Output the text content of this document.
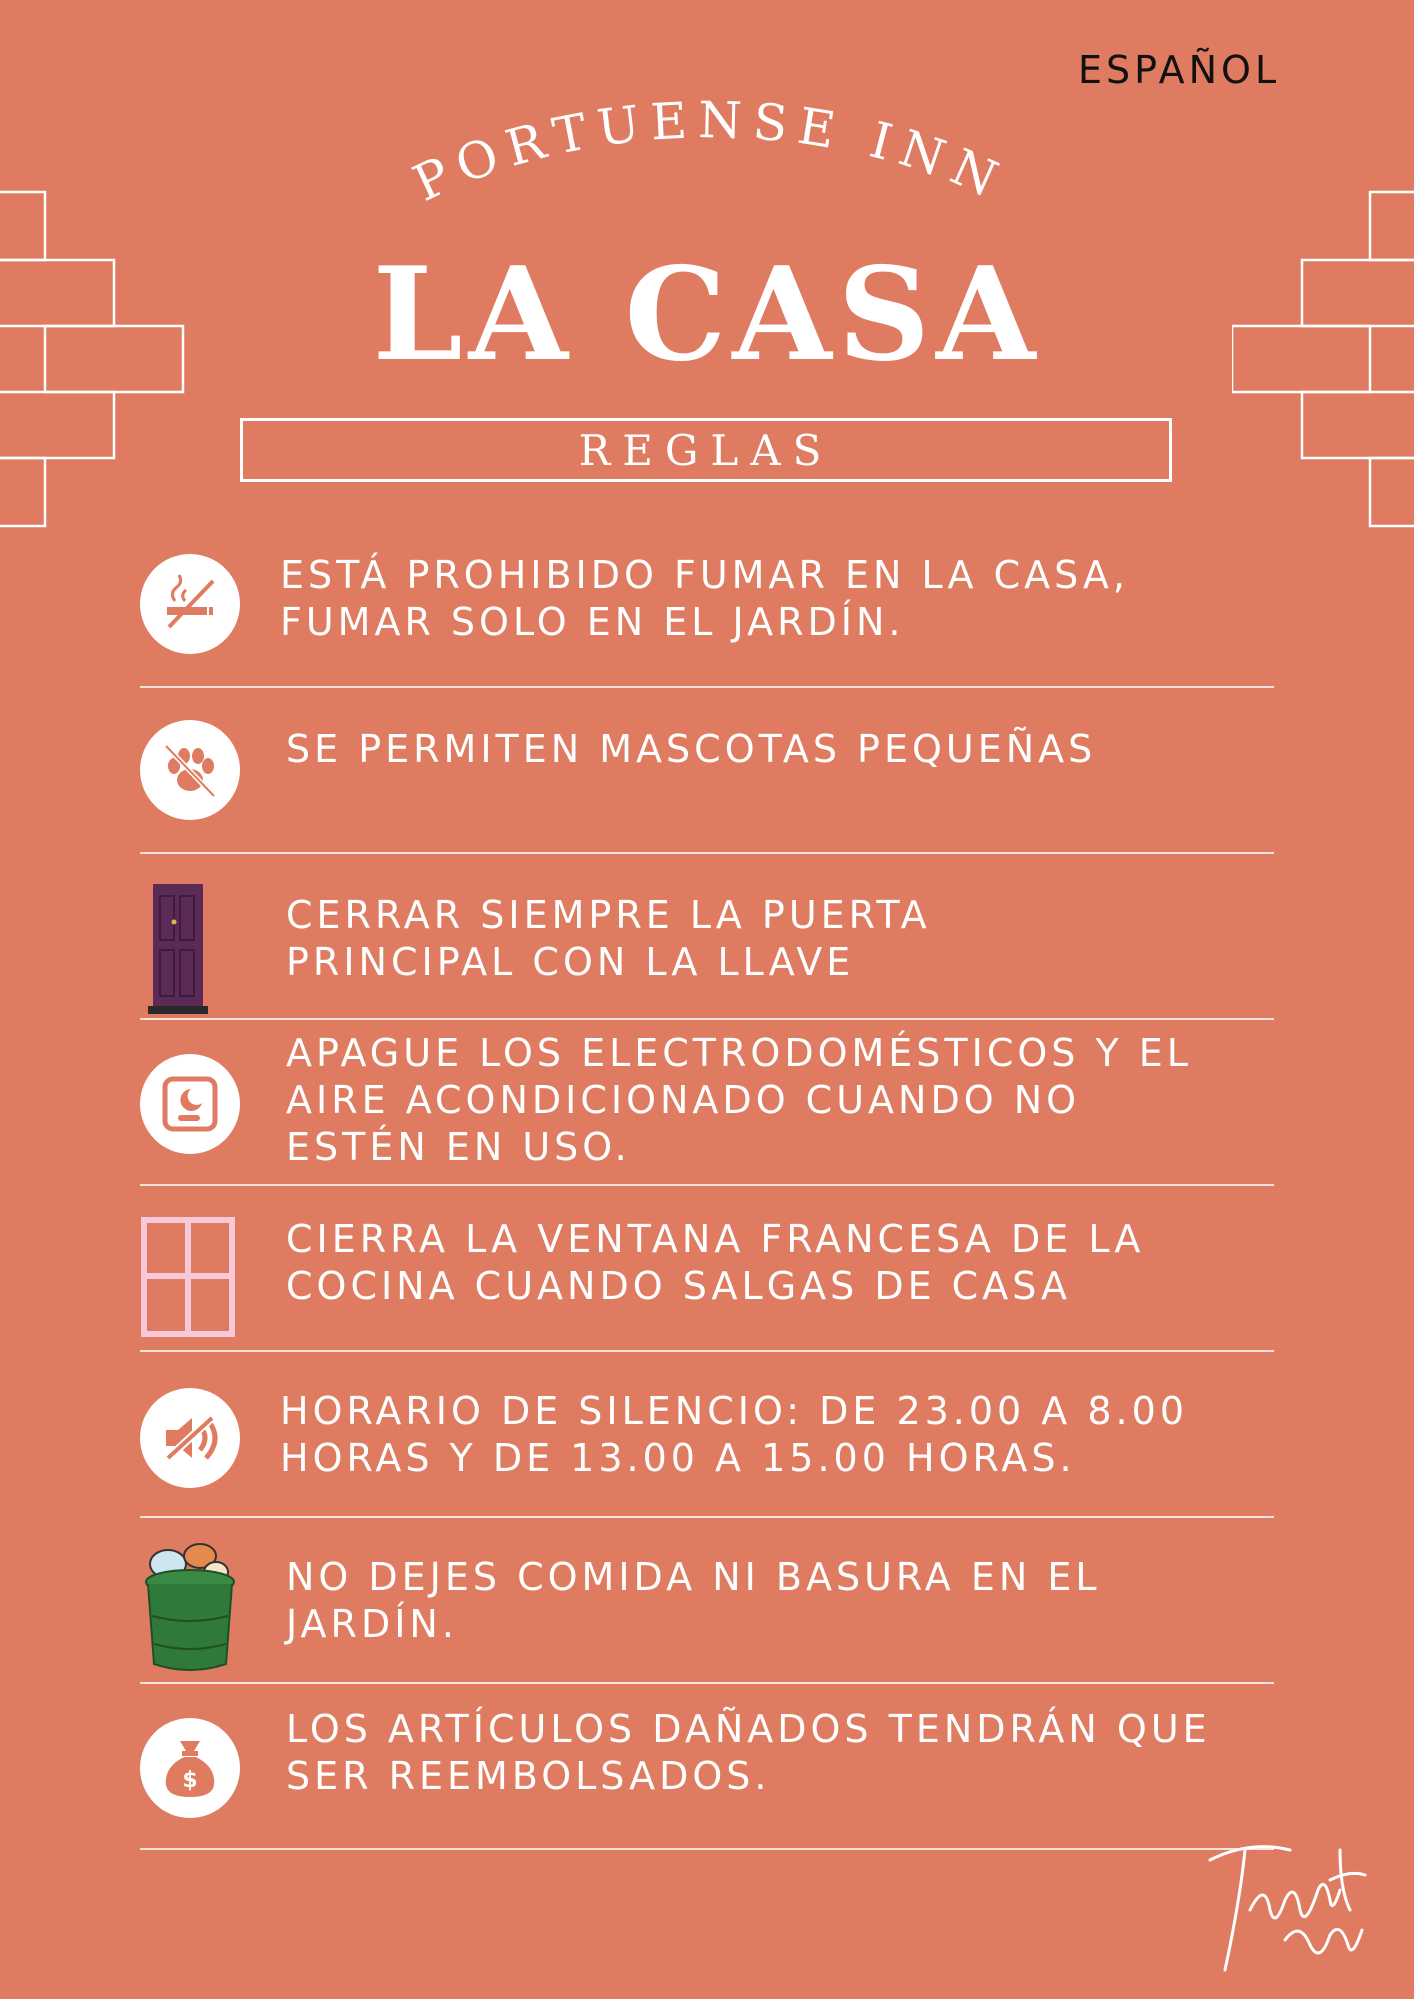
ESPAÑOL
PORTUENSE INN
LA CASA
REGLAS
ESTÁ PROHIBIDO FUMAR EN LA CASA,
FUMAR SOLO EN EL JARDÍN.
SE PERMITEN MASCOTAS PEQUEÑAS
CERRAR SIEMPRE LA PUERTA
PRINCIPAL CON LA LLAVE
APAGUE LOS ELECTRODOMÉSTICOS Y EL
AIRE ACONDICIONADO CUANDO NO
ESTÉN EN USO.
CIERRA LA VENTANA FRANCESA DE LA
COCINA CUANDO SALGAS DE CASA
HORARIO DE SILENCIO: DE 23.00 A 8.00
HORAS Y DE 13.00 A 15.00 HORAS.
NO DEJES COMIDA NI BASURA EN EL
JARDÍN.
$
LOS ARTÍCULOS DAÑADOS TENDRÁN QUE
SER REEMBOLSADOS.
